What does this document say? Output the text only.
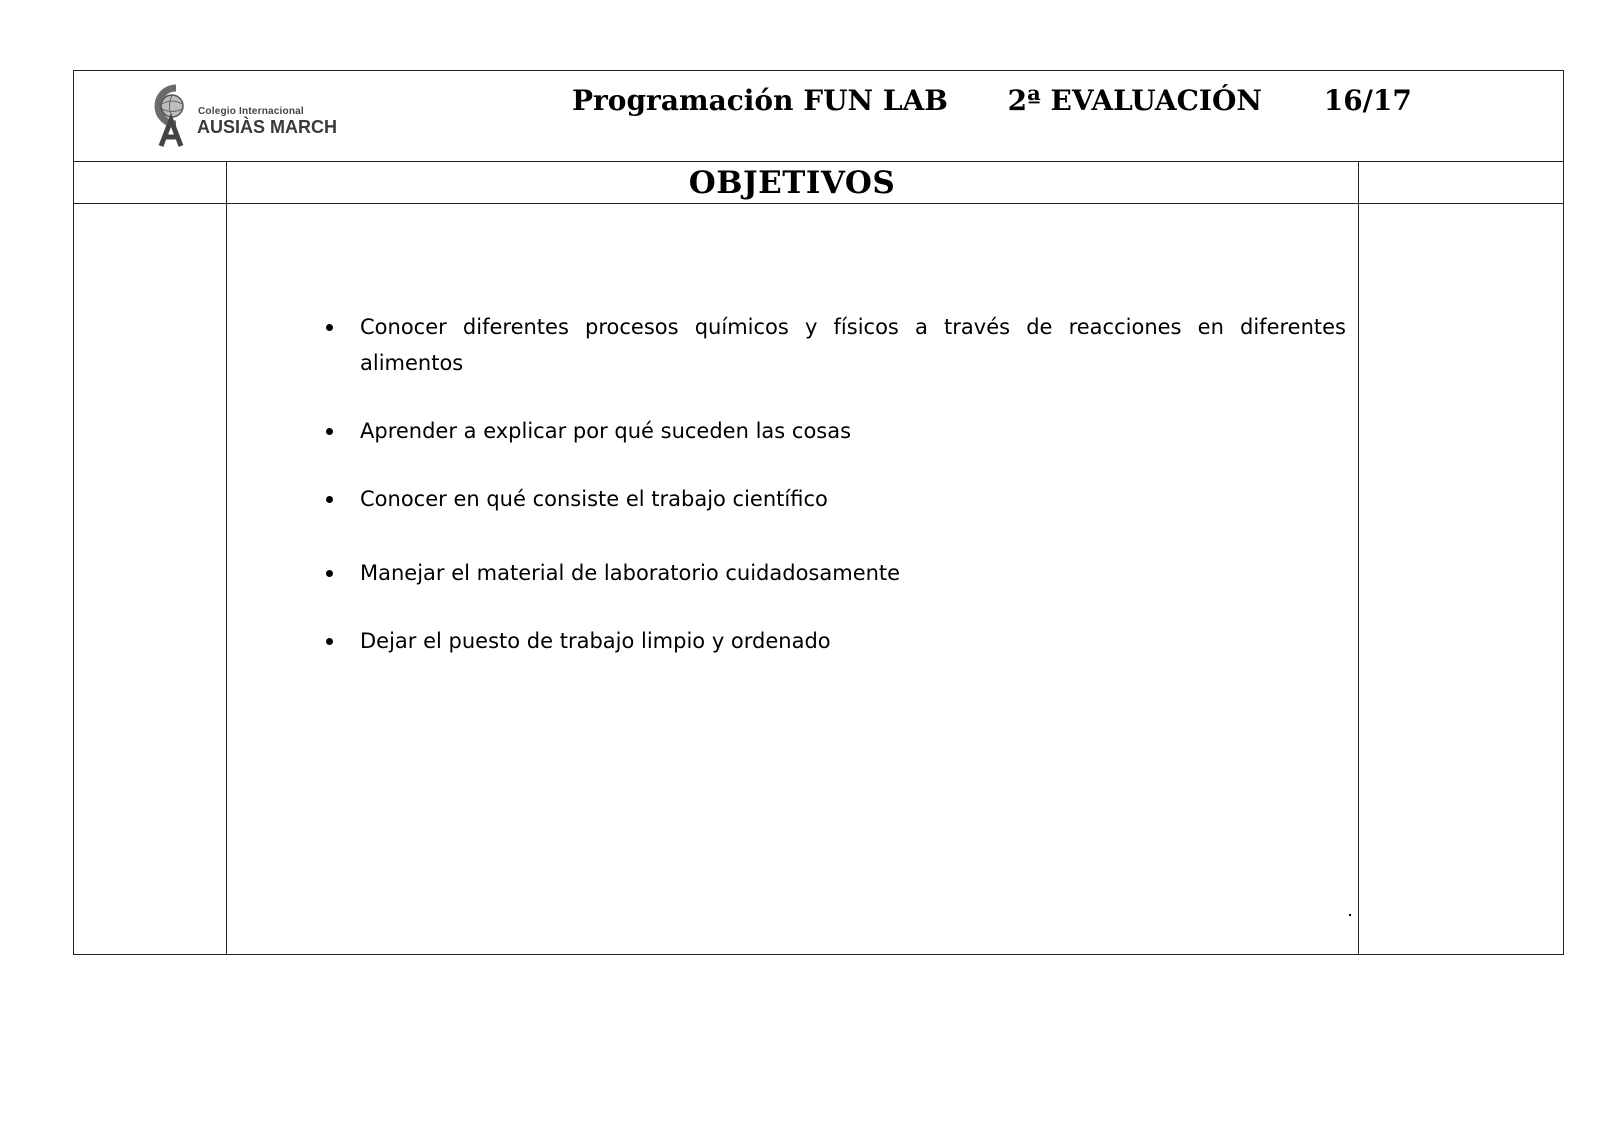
Colegio Internacional
AUSIÀS MARCH
Programación FUN LAB 2ª EVALUACIÓN 16/17
OBJETIVOS
Conocer diferentes procesos químicos y físicos a través de reacciones en diferentes alimentos
Aprender a explicar por qué suceden las cosas
Conocer en qué consiste el trabajo científico
Manejar el material de laboratorio cuidadosamente
Dejar el puesto de trabajo limpio y ordenado
